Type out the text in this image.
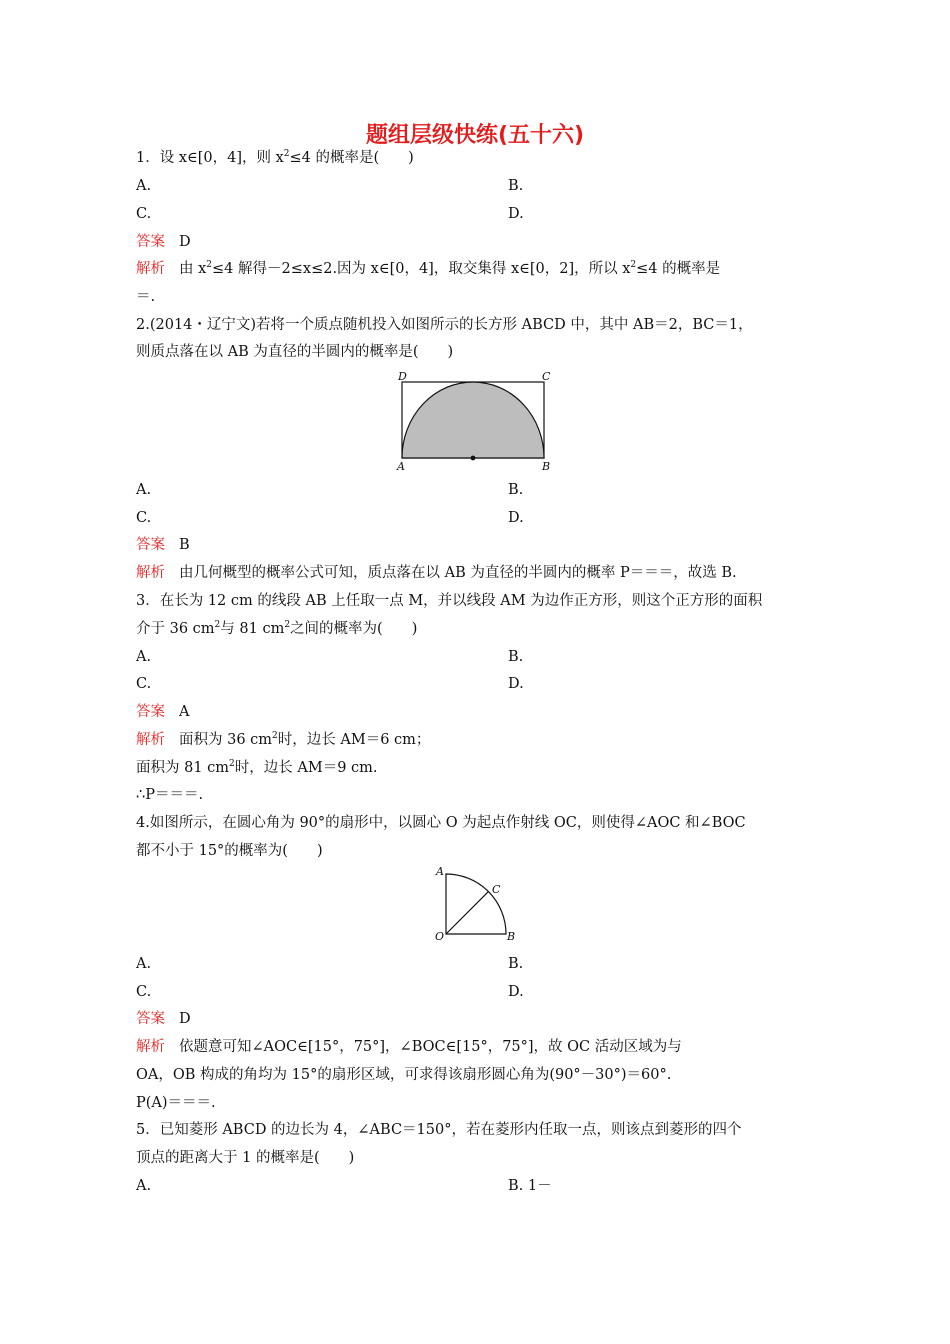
题组层级快练(五十六)
1．设 x∈[0，4]，则 $x^2\le 4$ 的概率是(　　)
A.	B.
C.	D.
答案 D
解析 由 $x^2\le 4$ 解得－2≤x≤2.因为 x∈[0，4]，取交集得 x∈[0，2]，所以 $x^2\le 4$ 的概率是
＝.
2.(2014・辽宁文)若将一个质点随机投入如图所示的长方形 ABCD 中，其中 AB＝2，BC＝1，
则质点落在以 AB 为直径的半圆内的概率是(　　)
D	C
A	B
A.	B.
C.	D.
答案 B
解析 由几何概型的概率公式可知，质点落在以 AB 为直径的半圆内的概率 P＝＝＝，故选 B.
3．在长为 12 cm 的线段 AB 上任取一点 M，并以线段 AM 为边作正方形，则这个正方形的面积
介于 36 $cm^2$与 81 $cm^2$之间的概率为(　　)
A.	B.
C.	D.
答案 A
解析 面积为 36 $cm^2$时，边长 AM＝6 cm；
面积为 81 $cm^2$时，边长 AM＝9 cm.
∴P＝＝＝.
4.如图所示，在圆心角为 90°的扇形中，以圆心 O 为起点作射线 OC，则使得∠AOC 和∠BOC
都不小于 15°的概率为(　　)
A
C
O	B
A.	B.
C.	D.
答案 D
解析 依题意可知∠AOC∈[15°，75°]，∠BOC∈[15°，75°]，故 OC 活动区域为与
OA，OB 构成的角均为 15°的扇形区域，可求得该扇形圆心角为(90°－30°)＝60°.
P(A)＝＝＝.
5．已知菱形 ABCD 的边长为 4，∠ABC＝150°，若在菱形内任取一点，则该点到菱形的四个
顶点的距离大于 1 的概率是(　　)
A.	B. 1－
